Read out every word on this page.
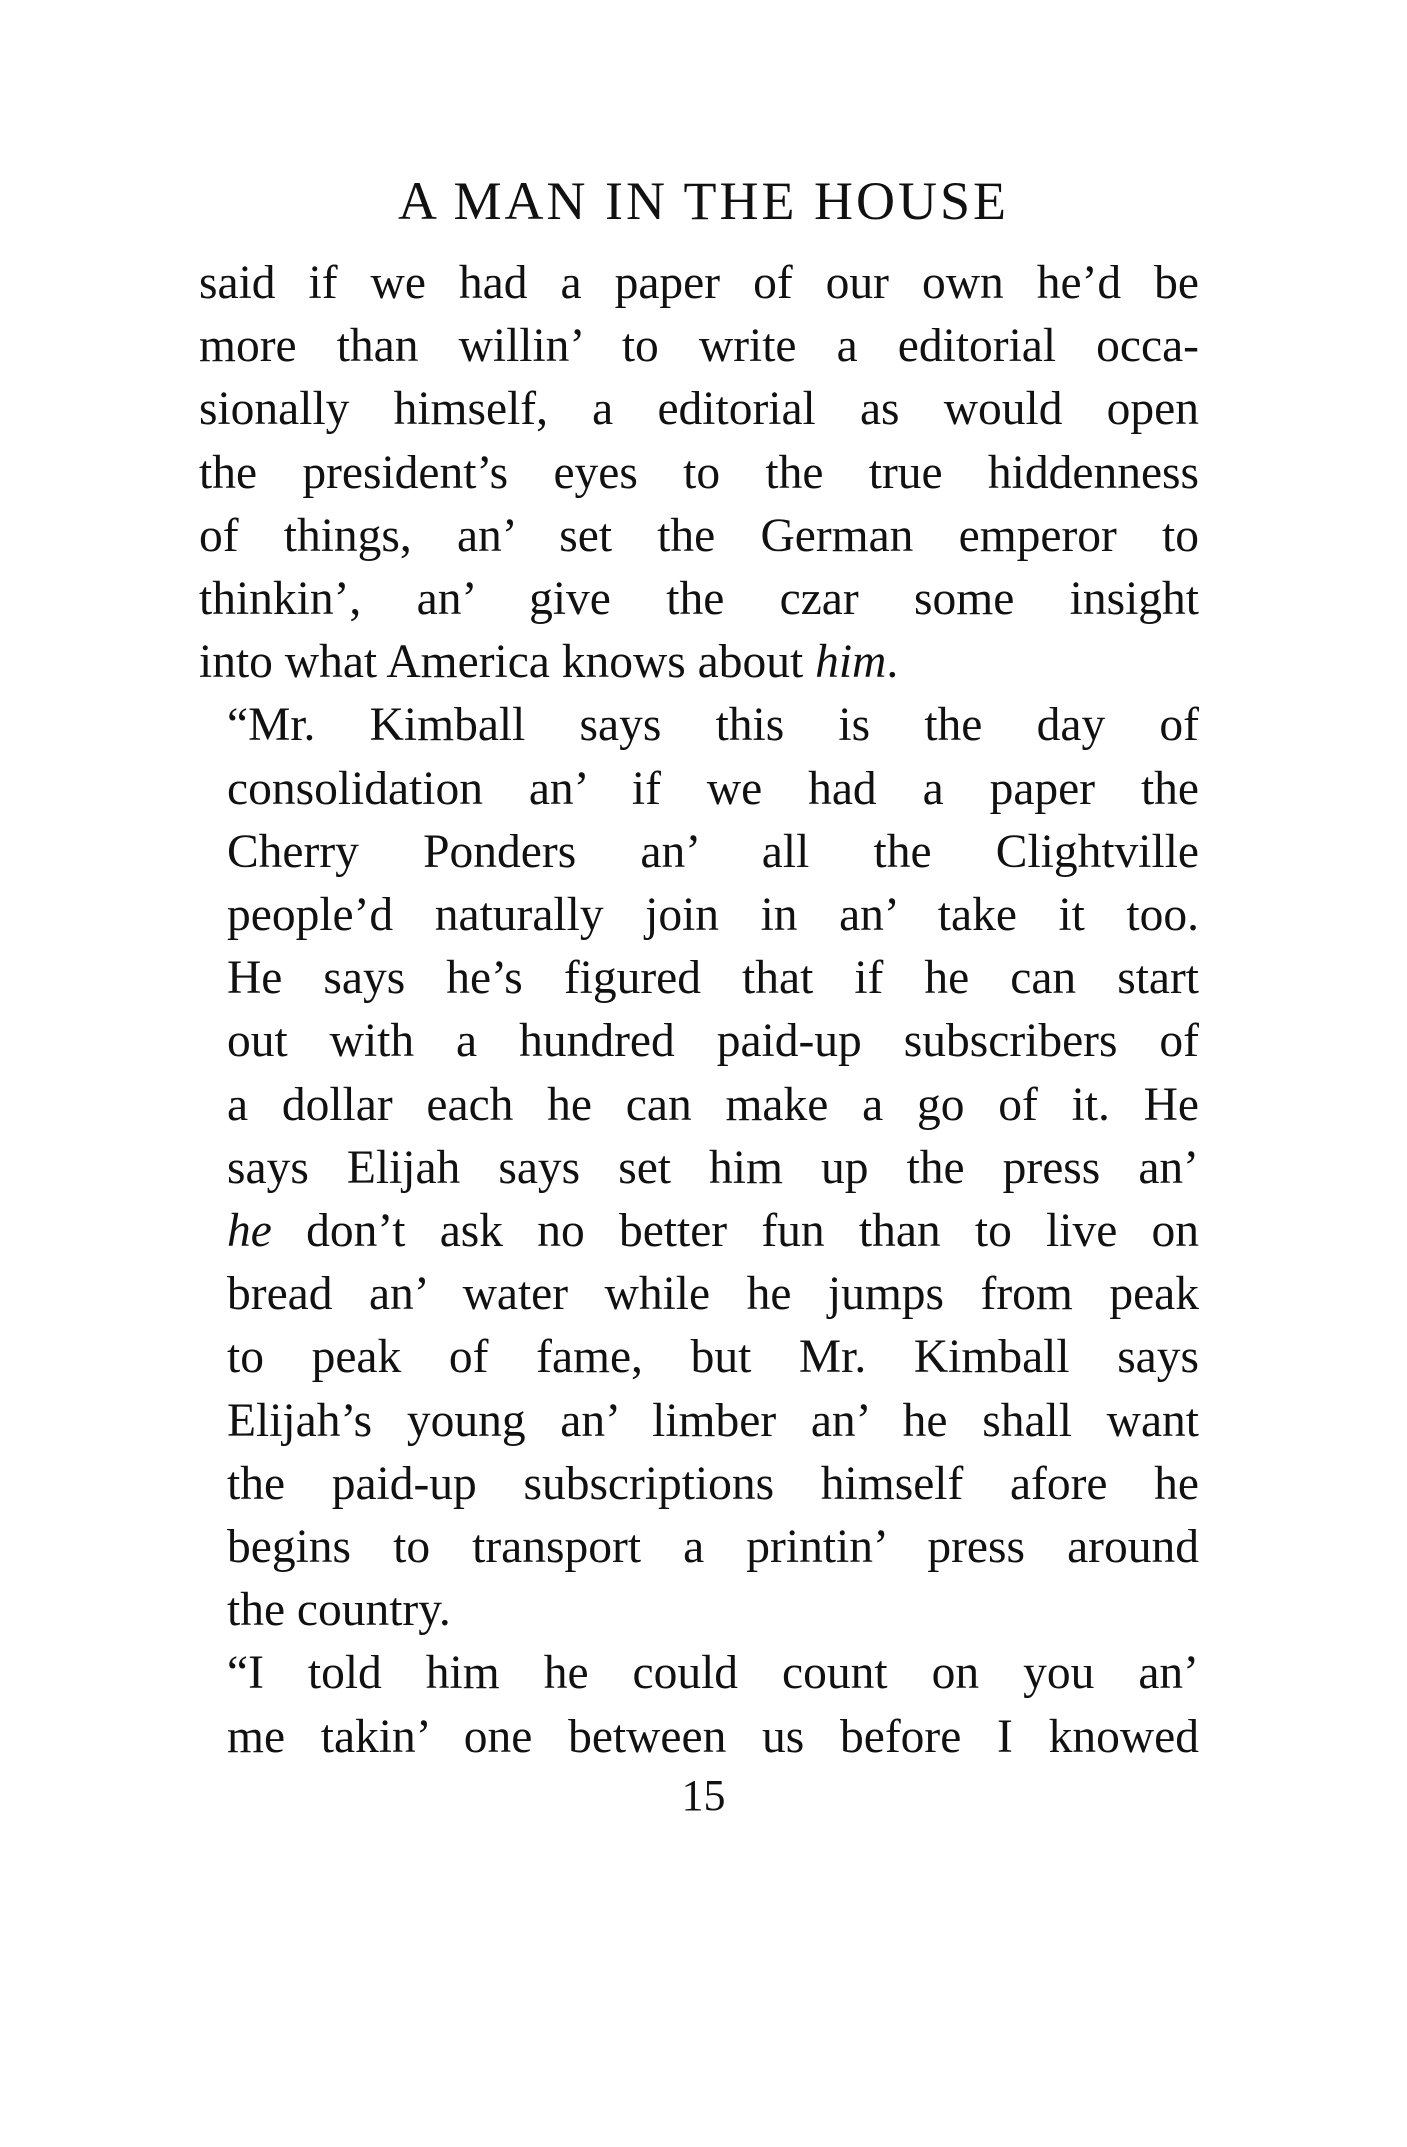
A MAN IN THE HOUSE

said if we had a paper of our own he’d be
more than willin’ to write a editorial occa-
sionally himself, a editorial as would open
the president’s eyes to the true hiddenness
of things, an’ set the German emperor to
thinkin’, an’ give the czar some insight
into what America knows about him.

“Mr. Kimball says this is the day of
consolidation an’ if we had a paper the
Cherry Ponders an’ all the Clightville
people’d naturally join in an’ take it too.
He says he’s figured that if he can start
out with a hundred paid-up subscribers of
a dollar each he can make a go of it. He
says Elijah says set him up the press an’
he don’t ask no better fun than to live on
bread an’ water while he jumps from peak
to peak of fame, but Mr. Kimball says
Elijah’s young an’ limber an’ he shall want
the paid-up subscriptions himself afore he
begins to transport a printin’ press around
the country.

“I told him he could count on you an’
me takin’ one between us before I knowed

15
